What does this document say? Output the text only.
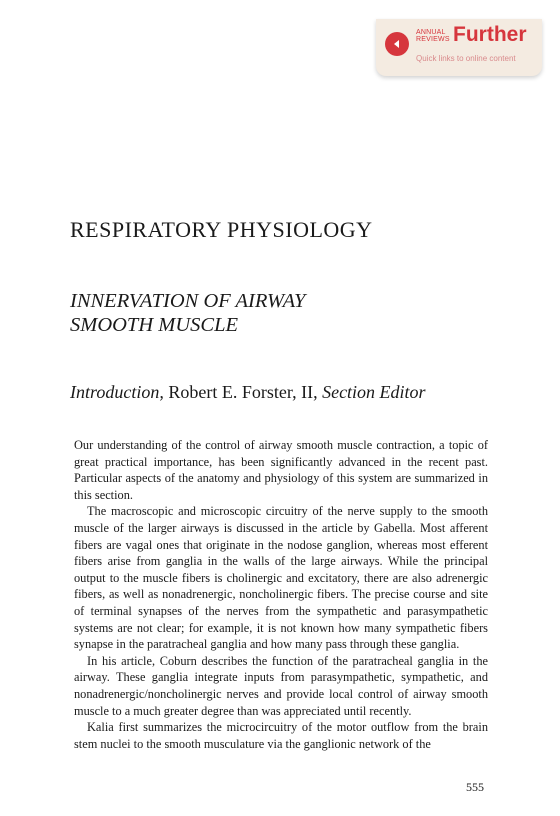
ANNUAL
REVIEWS Further
Quick links to online content
RESPIRATORY PHYSIOLOGY
INNERVATION OF AIRWAY
SMOOTH MUSCLE
Introduction, Robert E. Forster, II, Section Editor

Our understanding of the control of airway smooth muscle contraction, a topic of great practical importance, has been significantly advanced in the recent past. Particular aspects of the anatomy and physiology of this system are summarized in this section.

The macroscopic and microscopic circuitry of the nerve supply to the smooth muscle of the larger airways is discussed in the article by Gabella. Most afferent fibers are vagal ones that originate in the nodose ganglion, whereas most efferent fibers arise from ganglia in the walls of the large airways. While the principal output to the muscle fibers is cholinergic and excitatory, there are also adrenergic fibers, as well as nonadrenergic, noncholinergic fibers. The precise course and site of terminal synapses of the nerves from the sympathetic and parasympathetic systems are not clear; for example, it is not known how many sympathetic fibers synapse in the paratracheal ganglia and how many pass through these ganglia.

In his article, Coburn describes the function of the paratracheal ganglia in the airway. These ganglia integrate inputs from parasympathetic, sympathetic, and nonadrenergic/noncholinergic nerves and provide local control of airway smooth muscle to a much greater degree than was appreciated until recently.

Kalia first summarizes the microcircuitry of the motor outflow from the brain stem nuclei to the smooth musculature via the ganglionic network of the

555
